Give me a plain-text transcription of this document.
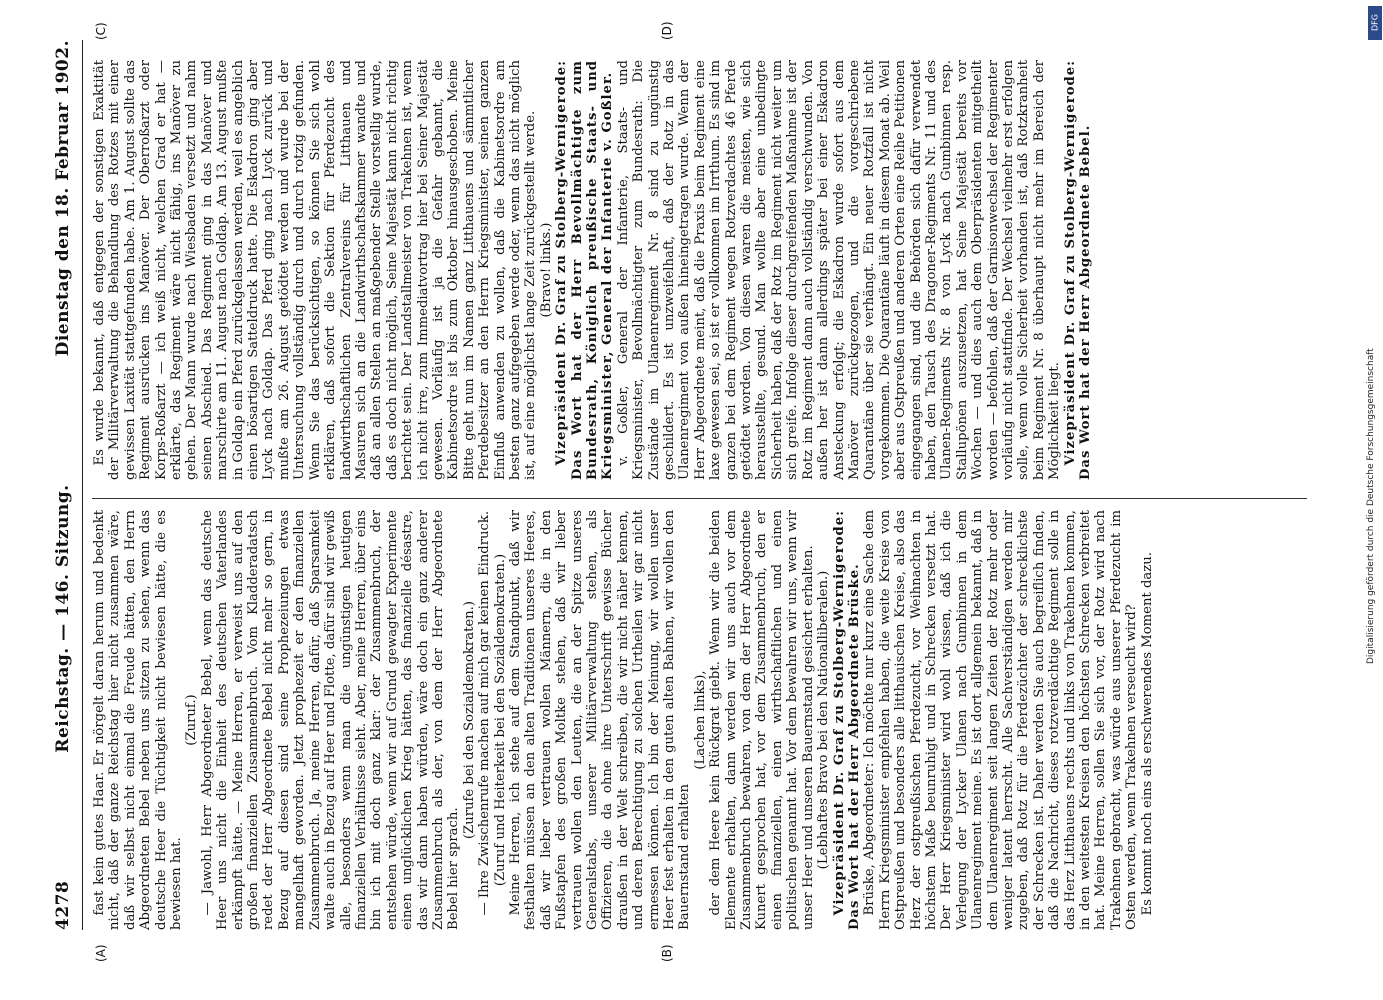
DFG
Digitalisierung gefördert durch die Deutsche Forschungsgemeinschaft
4278
Reichstag. — 146. Sitzung.
Dienstag den 18. Februar 1902.
(A)	(B)
(C)	(D)

fast kein gutes Haar. Er nörgelt daran herum und bedenkt nicht, daß der ganze Reichstag hier nicht zusammen wäre, daß wir selbst nicht einmal die Freude hätten, den Herrn Abgeordneten Bebel neben uns sitzen zu sehen, wenn das deutsche Heer die Tüchtigkeit nicht bewiesen hätte, die es bewiesen hat.

(Zuruf.) — Jawohl, Herr Abgeordneter Bebel, wenn das deutsche Heer uns nicht die Einheit des deutschen Vaterlandes erkämpft hätte. — Meine Herren, er verweist uns auf den großen finanziellen Zusammenbruch. Vom Kladderadatsch redet der Herr Abgeordnete Bebel nicht mehr so gern, in Bezug auf diesen sind seine Prophezeiungen etwas mangelhaft geworden. Jetzt prophezeit er den finanziellen Zusammenbruch. Ja, meine Herren, dafür, daß Sparsamkeit walte auch in Bezug auf Heer und Flotte, dafür sind wir gewiß alle, besonders wenn man die ungünstigen heutigen finanziellen Verhältnisse sieht. Aber, meine Herren, über eins bin ich mit doch ganz klar: der Zusammenbruch, der entstehen würde, wenn wir auf Grund gewagter Experimente einen unglücklichen Krieg hätten, das finanzielle désastre, das wir dann haben würden, wäre doch ein ganz anderer Zusammenbruch als der, von dem der Herr Abgeordnete Bebel hier sprach.

(Zurufe bei den Sozialdemokraten.) — Ihre Zwischenrufe machen auf mich gar keinen Eindruck. (Zuruf und Heiterkeit bei den Sozialdemokraten.) Meine Herren, ich stehe auf dem Standpunkt, daß wir festhalten müssen an den alten Traditionen unseres Heeres, daß wir lieber vertrauen wollen Männern, die in den Fußstapfen des großen Moltke stehen, daß wir lieber vertrauen wollen den Leuten, die an der Spitze unseres Generalstabs, unserer Militärverwaltung stehen, als Offizieren, die da ohne ihre Unterschrift gewisse Bücher draußen in der Welt schreiben, die wir nicht näher kennen, und deren Berechtigung zu solchen Urtheilen wir gar nicht ermessen können. Ich bin der Meinung, wir wollen unser Heer fest erhalten in den guten alten Bahnen, wir wollen den Bauernstand erhalten

(Lachen links), der dem Heere kein Rückgrat giebt. Wenn wir die beiden Elemente erhalten, dann werden wir uns auch vor dem Zusammenbruch bewahren, von dem der Herr Abgeordnete Kunert gesprochen hat, vor dem Zusammenbruch, den er einen finanziellen, einen wirthschaftlichen und einen politischen genannt hat. Vor dem bewahren wir uns, wenn wir unser Heer und unseren Bauernstand gesichert erhalten. (Lebhaftes Bravo bei den Nationalliberalen.) Vizepräsident Dr. Graf zu Stolberg-Wernigerode: Das Wort hat der Herr Abgeordnete Brüske. Brüske, Abgeordneter: Ich möchte nur kurz eine Sache dem Herrn Kriegsminister empfehlen haben, die weite Kreise von Ostpreußen und besonders alle litthauischen Kreise, also das Herz der ostpreußischen Pferdezucht, vor Weihnachten in höchstem Maße beunruhigt und in Schrecken versetzt hat. Der Herr Kriegsminister wird wohl wissen, daß ich die Verlegung der Lycker Ulanen nach Gumbinnen in dem Ulanenregiment meine. Es ist dort allgemein bekannt, daß in dem Ulanenregiment seit langen Zeiten der Rotz mehr oder weniger latent herrscht. Alle Sachverständigen werden mir zugeben, daß Rotz für die Pferdezüchter der schrecklichste der Schrecken ist. Daher werden Sie auch begreiflich finden, daß die Nachricht, dieses rotzverdächtige Regiment solle in das Herz Litthauens rechts und links von Trakehnen kommen, in den weitesten Kreisen den höchsten Schrecken verbreitet hat. Meine Herren, sollen Sie sich vor, der Rotz wird nach Trakehnen gebracht, was würde aus unserer Pferdezucht im Osten werden, wenn Trakehnen verseucht wird? Es kommt noch eins als erschwerendes Moment dazu.

Es wurde bekannt, daß entgegen der sonstigen Exaktität der Militärverwaltung die Behandlung des Rotzes mit einer gewissen Laxität stattgefunden habe. Am 1. August sollte das Regiment ausrücken ins Manöver. Der Oberroßarzt oder Korps-Roßarzt — ich weiß nicht, welchen Grad er hat — erklärte, das Regiment wäre nicht fähig, ins Manöver zu gehen. Der Mann wurde nach Wiesbaden versetzt und nahm seinen Abschied. Das Regiment ging in das Manöver und marschirte am 11. August nach Goldap. Am 13. August mußte in Goldap ein Pferd zurückgelassen werden, weil es angeblich einen bösartigen Satteldruck hatte. Die Eskadron ging aber Lyck nach Goldap. Das Pferd ging nach Lyck zurück und mußte am 26. August getödtet werden und wurde bei der Untersuchung vollständig durch und durch rotzig gefunden. Wenn Sie das berücksichtigen, so können Sie sich wohl erklären, daß sofort die Sektion für Pferdezucht des landwirthschaftlichen Zentralvereins für Litthauen und Masuren sich an die Landwirthschaftskammer wandte und daß an allen Stellen an maßgebender Stelle vorstellig wurde, daß es doch nicht möglich, Seine Majestät kann nicht richtig berichtet sein. Der Landstallmeister von Trakehnen ist, wenn ich nicht irre, zum Immediatvortrag hier bei Seiner Majestät gewesen. Vorläufig ist ja die Gefahr gebannt, die Kabinetsordre ist bis zum Oktober hinausgeschoben. Meine Bitte geht nun im Namen ganz Litthauens und sämmtlicher Pferdebesitzer an den Herrn Kriegsminister, seinen ganzen Einfluß anwenden zu wollen, daß die Kabinetsordre am besten ganz aufgegeben werde oder, wenn das nicht möglich ist, auf eine möglichst lange Zeit zurückgestellt werde. (Bravo! links.) Vizepräsident Dr. Graf zu Stolberg-Wernigerode: Das Wort hat der Herr Bevollmächtigte zum Bundesrath, Königlich preußische Staats- und Kriegsminister, General der Infanterie v. Goßler. v. Goßler, General der Infanterie, Staats- und Kriegsminister, Bevollmächtigter zum Bundesrath: Die Zustände im Ulanenregiment Nr. 8 sind zu ungünstig geschildert. Es ist unzweifelhaft, daß der Rotz in das Ulanenregiment von außen hineingetragen wurde. Wenn der Herr Abgeordnete meint, daß die Praxis beim Regiment eine laxe gewesen sei, so ist er vollkommen im Irrthum. Es sind im ganzen bei dem Regiment wegen Rotzverdachtes 46 Pferde getödtet worden. Von diesen waren die meisten, wie sich herausstellte, gesund. Man wollte aber eine unbedingte Sicherheit haben, daß der Rotz im Regiment nicht weiter um sich greife. Infolge dieser durchgreifenden Maßnahme ist der Rotz im Regiment dann auch vollständig verschwunden. Von außen her ist dann allerdings später bei einer Eskadron Ansteckung erfolgt; die Eskadron wurde sofort aus dem Manöver zurückgezogen, und die vorgeschriebene Quarantäne über sie verhängt. Ein neuer Rotzfall ist nicht vorgekommen. Die Quarantäne läuft in diesem Monat ab. Weil aber aus Ostpreußen und anderen Orten eine Reihe Petitionen eingegangen sind, und die Behörden sich dafür verwendet haben, den Tausch des Dragoner-Regiments Nr. 11 und des Ulanen-Regiments Nr. 8 von Lyck nach Gumbinnen resp. Stallupönen auszusetzen, hat Seine Majestät bereits vor Wochen — und dies auch dem Oberpräsidenten mitgetheilt worden — befohlen, daß der Garnisonwechsel der Regimenter vorläufig nicht stattfinde. Der Wechsel vielmehr erst erfolgen solle, wenn volle Sicherheit vorhanden ist, daß Rotzkranheit beim Regiment Nr. 8 überhaupt nicht mehr im Bereich der Möglichkeit liegt. Vizepräsident Dr. Graf zu Stolberg-Wernigerode: Das Wort hat der Herr Abgeordnete Bebel.
